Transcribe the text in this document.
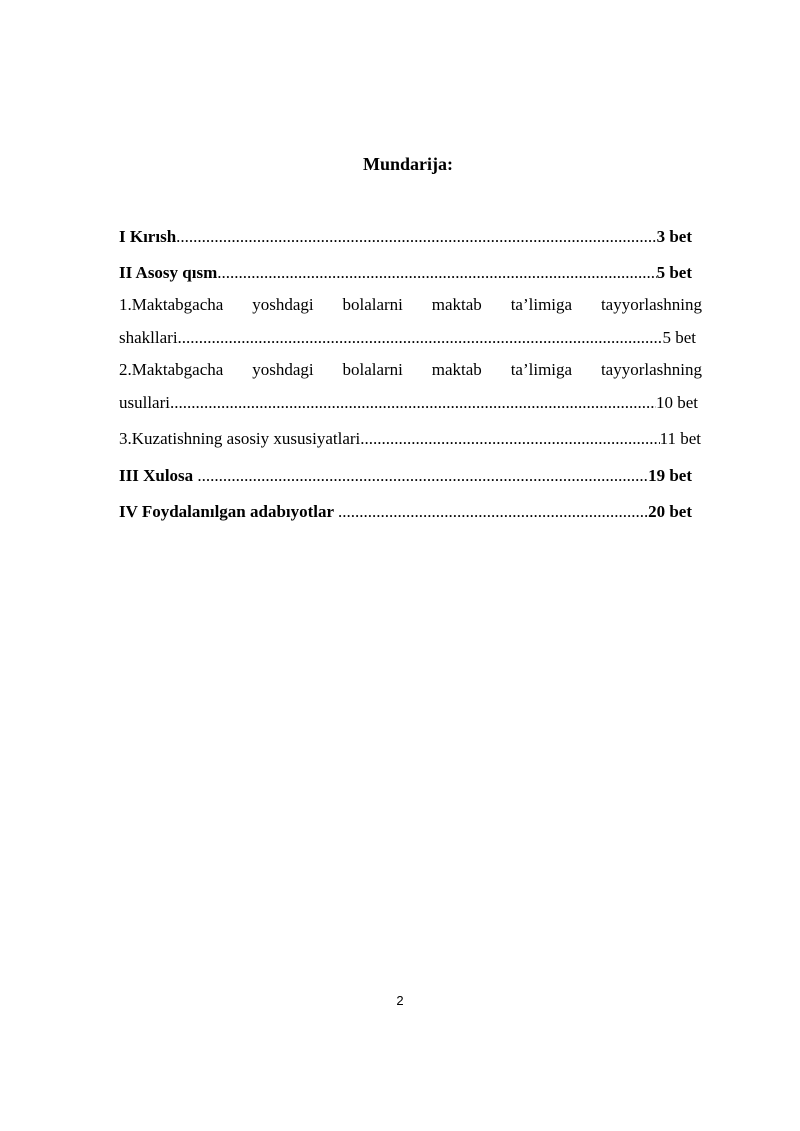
Mundarija:
I Kırısh .....	3 bet
II Asosy qısm .....	5 bet
1.Maktabgacha yoshdagi bolalarni maktab ta’limiga tayyorlashning
shakllari .....	5 bet
2.Maktabgacha yoshdagi bolalarni maktab ta’limiga tayyorlashning
usullari .....	10 bet
3.Kuzatishning asosiy xususiyatlari .....	11 bet
III Xulosa .....	19 bet
IV Foydalanılgan adabıyotlar .....	20 bet
2
